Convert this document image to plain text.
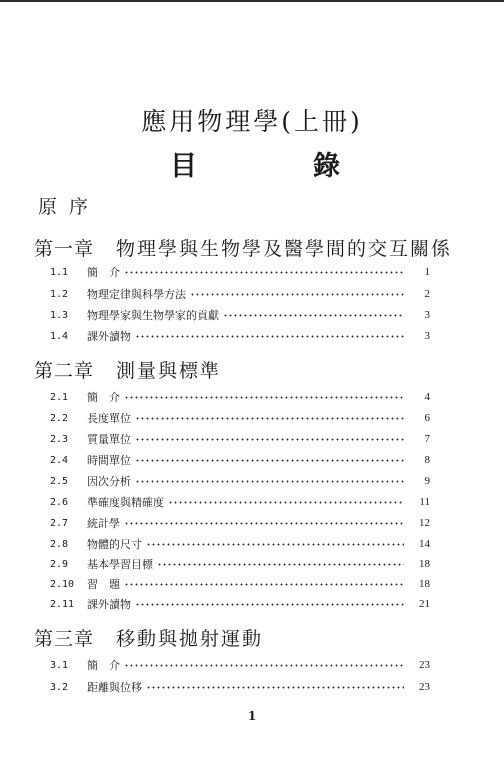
應用物理學(上冊)
目	錄
原序
第一章	物理學與生物學及醫學間的交互關係
1.1	簡　介	1
1.2	物理定律與科學方法	2
1.3	物理學家與生物學家的貢獻	3
1.4	課外讀物	3
第二章	測量與標準
2.1	簡　介	4
2.2	長度單位	6
2.3	質量單位	7
2.4	時間單位	8
2.5	因次分析	9
2.6	準確度與精確度	11
2.7	統計學	12
2.8	物體的尺寸	14
2.9	基本學習目標	18
2.10	習　題	18
2.11	課外讀物	21
第三章	移動與拋射運動
3.1	簡　介	23
3.2	距離與位移	23
1
